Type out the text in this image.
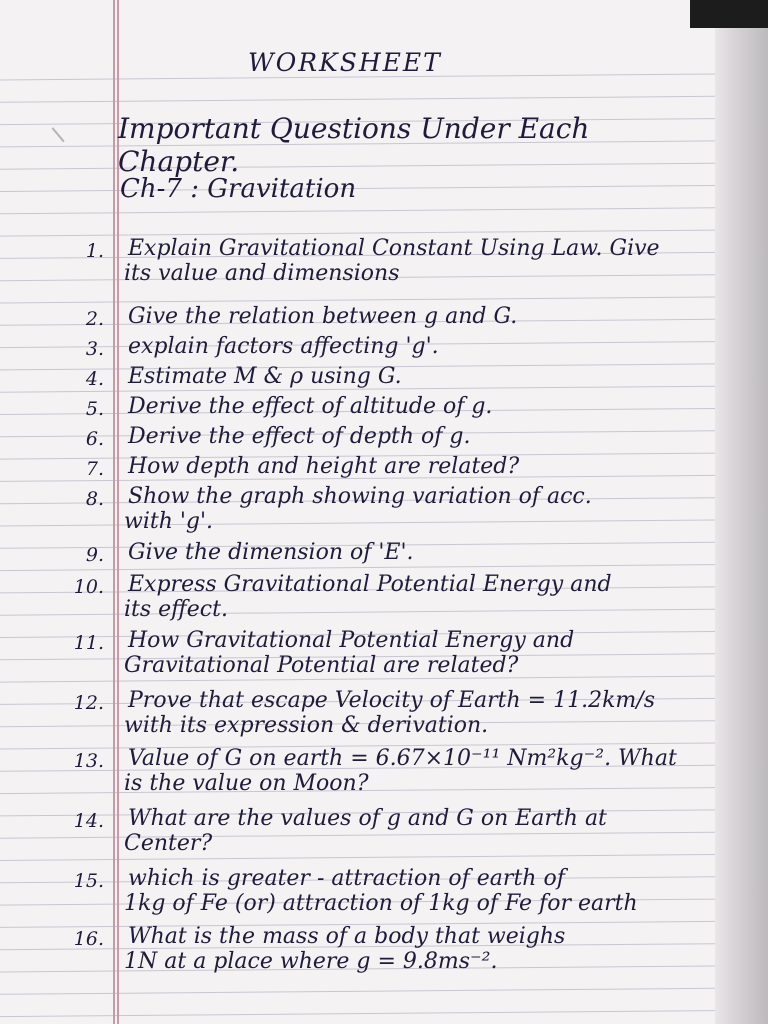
WORKSHEET
Important Questions Under Each Chapter.
Ch-7 : Gravitation
1. Explain Gravitational Constant Using Law. Give
its value and dimensions
2. Give the relation between g and G.
3. explain factors affecting 'g'.
4. Estimate M & ρ using G.
5. Derive the effect of altitude of g.
6. Derive the effect of depth of g.
7. How depth and height are related?
8. Show the graph showing variation of acc.
with 'g'.
9. Give the dimension of 'E'.
10. Express Gravitational Potential Energy and
its effect.
11. How Gravitational Potential Energy and
Gravitational Potential are related?
12. Prove that escape Velocity of Earth = 11.2km/s
with its expression & derivation.
13. Value of G on earth = 6.67×10⁻¹¹ Nm²kg⁻². What
is the value on Moon?
14. What are the values of g and G on Earth at
Center?
15. which is greater - attraction of earth of
1kg of Fe (or) attraction of 1kg of Fe for earth
16. What is the mass of a body that weighs
1N at a place where g = 9.8ms⁻².
